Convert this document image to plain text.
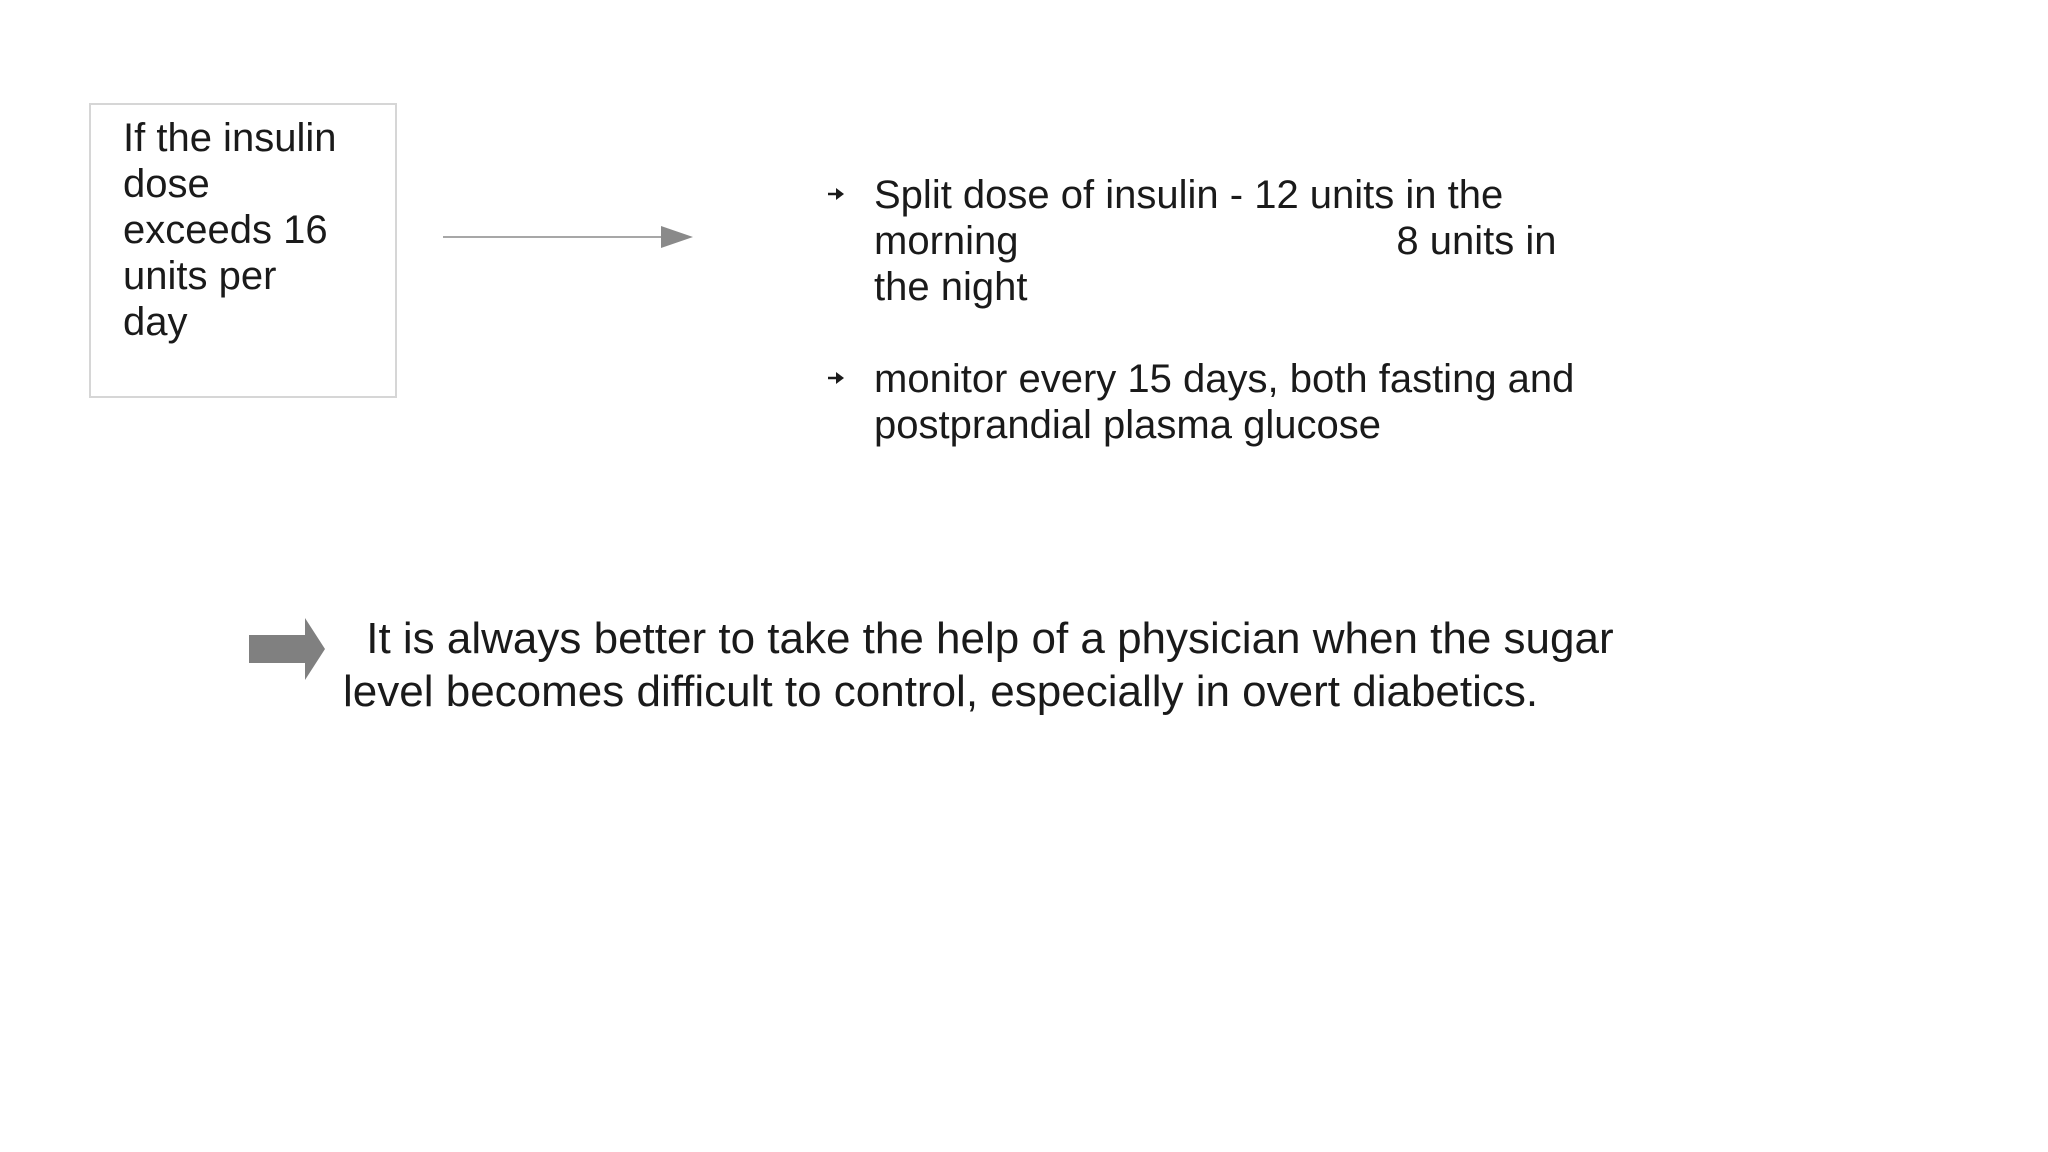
If the insulin
dose
exceeds 16
units per
day
Split dose of insulin - 12 units in the
morning                                  8 units in
the night
monitor every 15 days, both fasting and
postprandial plasma glucose
It is always better to take the help of a physician when the sugar
level becomes difficult to control, especially in overt diabetics.
